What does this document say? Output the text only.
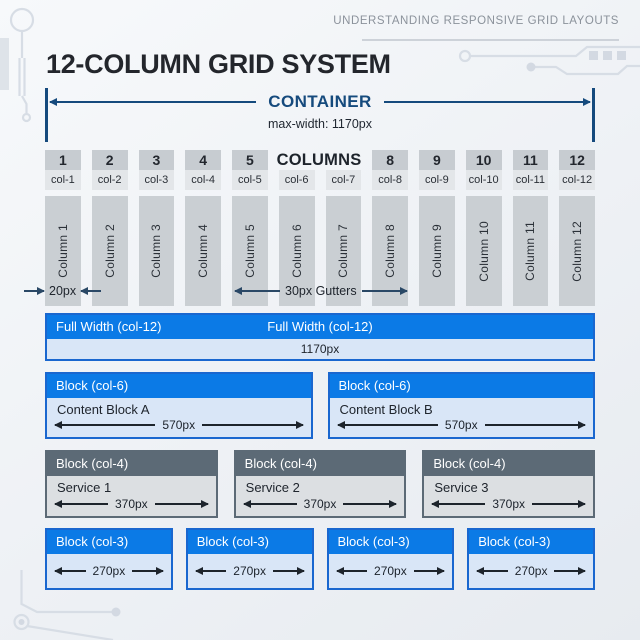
UNDERSTANDING RESPONSIVE GRID LAYOUTS
12-COLUMN GRID SYSTEM
CONTAINER
max-width: 1170px
1
col-1
Column 1
2
col-2
Column 2
3
col-3
Column 3
4
col-4
Column 4
5
col-5
Column 5
col-6
Column 6
col-7
Column 7
8
col-8
Column 8
9
col-9
Column 9
10
col-10
Column 10
11
col-11
Column 11
12
col-12
Column 12
COLUMNS
20px	30px Gutters
Full Width (col-12)	Full Width (col-12)
1170px
Block (col-6)
Content Block A
570px
Block (col-6)
Content Block B
570px
Block (col-4)
Service 1
370px
Block (col-4)
Service 2
370px
Block (col-4)
Service 3
370px
Block (col-3)
270px
Block (col-3)
270px
Block (col-3)
270px
Block (col-3)
270px
